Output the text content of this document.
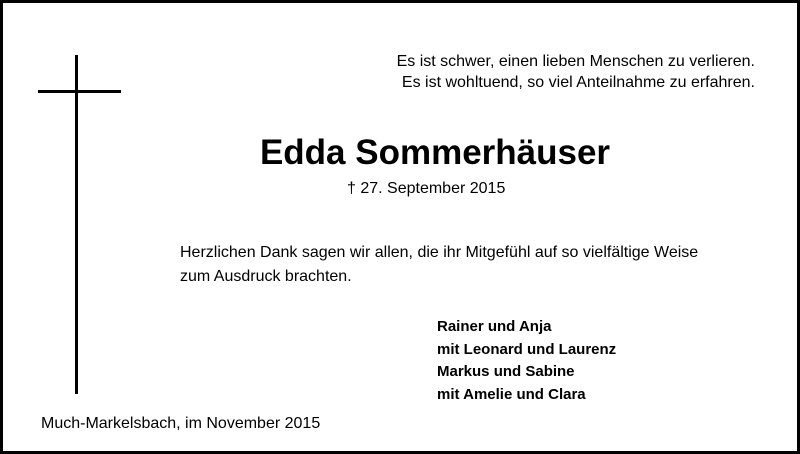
Es ist schwer, einen lieben Menschen zu verlieren.
Es ist wohltuend, so viel Anteilnahme zu erfahren.
Edda Sommerhäuser
† 27. September 2015
Herzlichen Dank sagen wir allen, die ihr Mitgefühl auf so vielfältige Weise
zum Ausdruck brachten.
Rainer und Anja
mit Leonard und Laurenz
Markus und Sabine
mit Amelie und Clara
Much-Markelsbach, im November 2015
